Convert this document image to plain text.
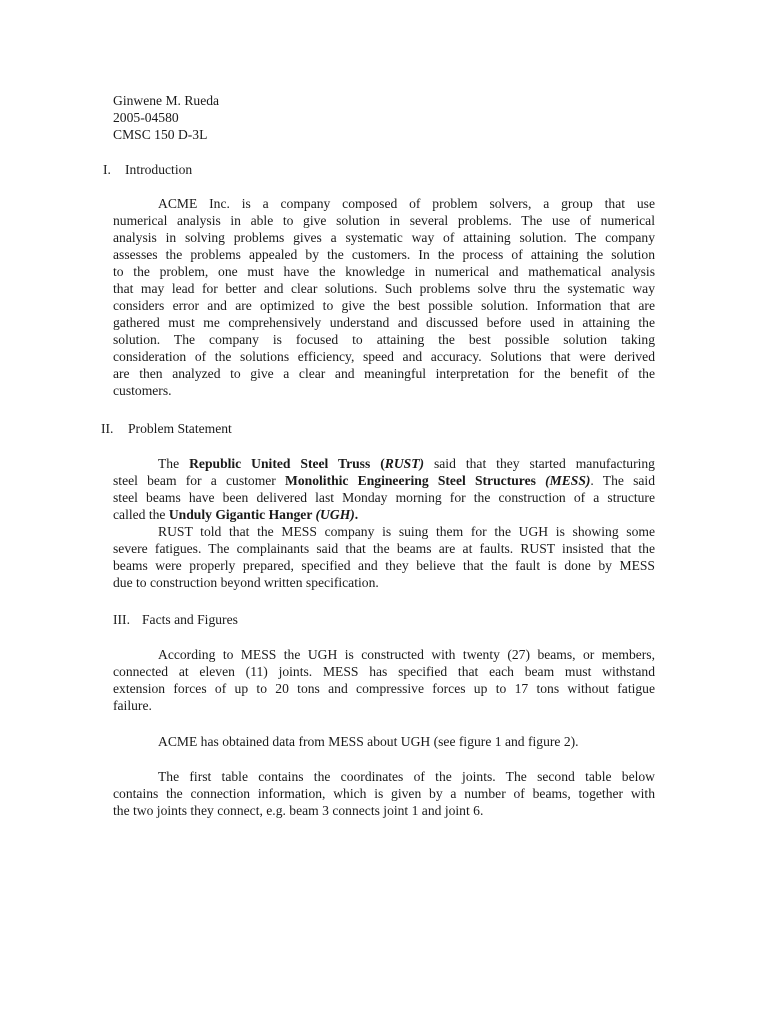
Ginwene M. Rueda
2005-04580
CMSC 150 D-3L
I. Introduction
ACME Inc. is a company composed of problem solvers, a group that use
numerical analysis in able to give solution in several problems. The use of numerical
analysis in solving problems gives a systematic way of attaining solution. The company
assesses the problems appealed by the customers. In the process of attaining the solution
to the problem, one must have the knowledge in numerical and mathematical analysis
that may lead for better and clear solutions. Such problems solve thru the systematic way
considers error and are optimized to give the best possible solution. Information that are
gathered must me comprehensively understand and discussed before used in attaining the
solution. The company is focused to attaining the best possible solution taking
consideration of the solutions efficiency, speed and accuracy. Solutions that were derived
are then analyzed to give a clear and meaningful interpretation for the benefit of the
customers.
II. Problem Statement
The Republic United Steel Truss (RUST) said that they started manufacturing
steel beam for a customer Monolithic Engineering Steel Structures (MESS). The said
steel beams have been delivered last Monday morning for the construction of a structure
called the Unduly Gigantic Hanger (UGH).
RUST told that the MESS company is suing them for the UGH is showing some
severe fatigues. The complainants said that the beams are at faults. RUST insisted that the
beams were properly prepared, specified and they believe that the fault is done by MESS
due to construction beyond written specification.
III. Facts and Figures
According to MESS the UGH is constructed with twenty (27) beams, or members,
connected at eleven (11) joints. MESS has specified that each beam must withstand
extension forces of up to 20 tons and compressive forces up to 17 tons without fatigue
failure.
ACME has obtained data from MESS about UGH (see figure 1 and figure 2).
The first table contains the coordinates of the joints. The second table below
contains the connection information, which is given by a number of beams, together with
the two joints they connect, e.g. beam 3 connects joint 1 and joint 6.
